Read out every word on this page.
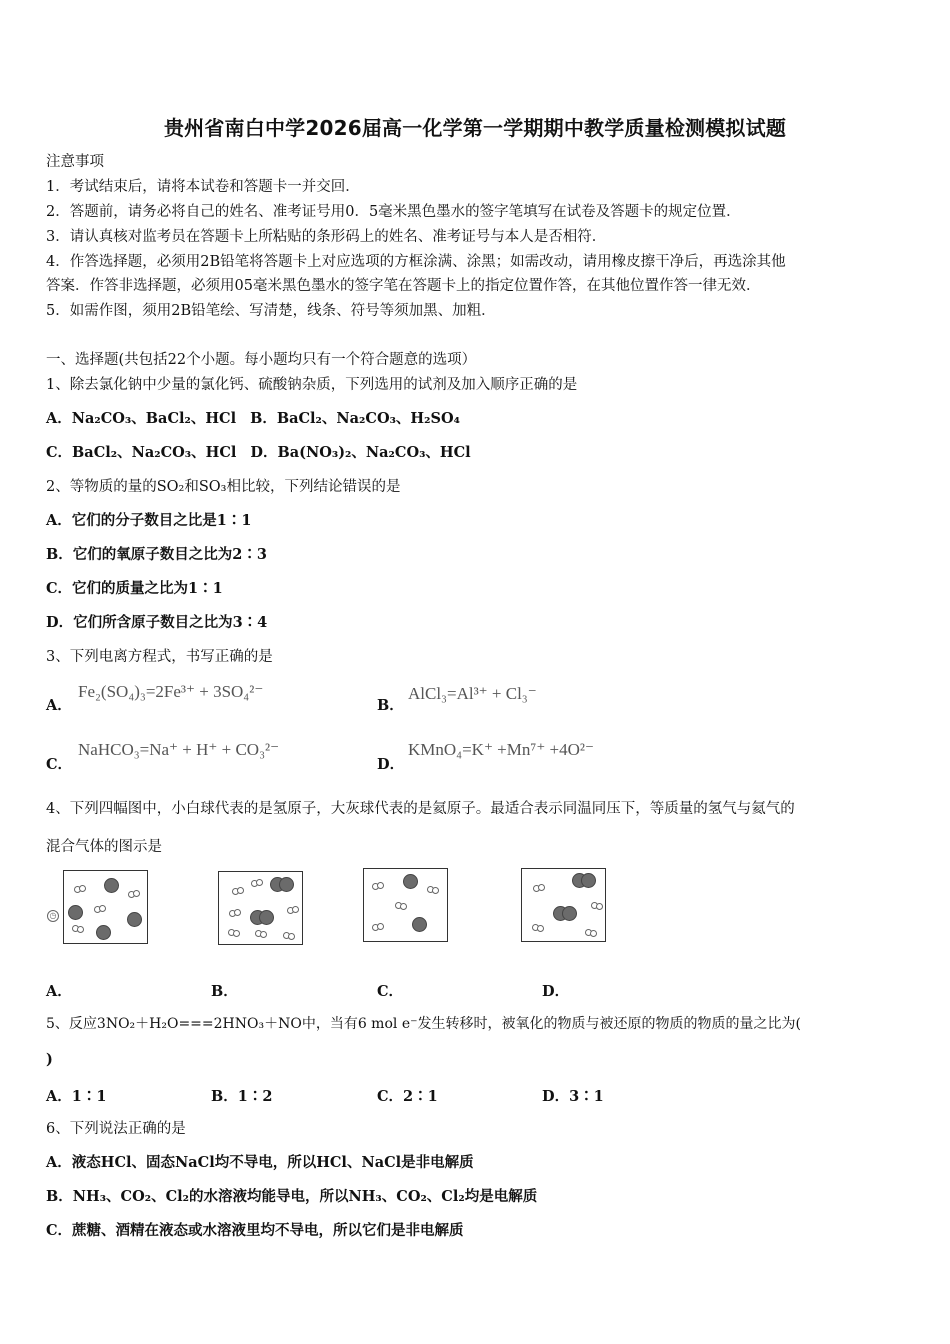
贵州省南白中学2026届高一化学第一学期期中教学质量检测模拟试题
注意事项
1．考试结束后，请将本试卷和答题卡一并交回．
2．答题前，请务必将自己的姓名、准考证号用0．5毫米黑色墨水的签字笔填写在试卷及答题卡的规定位置．
3．请认真核对监考员在答题卡上所粘贴的条形码上的姓名、准考证号与本人是否相符．
4．作答选择题，必须用2B铅笔将答题卡上对应选项的方框涂满、涂黑；如需改动，请用橡皮擦干净后，再选涂其他
答案．作答非选择题，必须用05毫米黑色墨水的签字笔在答题卡上的指定位置作答，在其他位置作答一律无效．
5．如需作图，须用2B铅笔绘、写清楚，线条、符号等须加黑、加粗．
一、选择题(共包括22个小题。每小题均只有一个符合题意的选项）
1、除去氯化钠中少量的氯化钙、硫酸钠杂质，下列选用的试剂及加入顺序正确的是
A．Na₂CO₃、BaCl₂、HCl B．BaCl₂、Na₂CO₃、H₂SO₄
C．BaCl₂、Na₂CO₃、HCl D．Ba(NO₃)₂、Na₂CO₃、HCl
2、等物质的量的SO₂和SO₃相比较，下列结论错误的是
A．它们的分子数目之比是1∶1
B．它们的氧原子数目之比为2∶3
C．它们的质量之比为1∶1
D．它们所含原子数目之比为3∶4
3、下列电离方程式，书写正确的是
A．
Fe₂(SO₄)₃=2Fe³⁺ + 3SO₄²⁻
B．
AlCl₃=Al³⁺ + Cl₃⁻
C．
NaHCO₃=Na⁺ + H⁺ + CO₃²⁻
D．
KMnO₄=K⁺ +Mn⁷⁺ +4O²⁻
4、下列四幅图中，小白球代表的是氢原子，大灰球代表的是氦原子。最适合表示同温同压下，等质量的氢气与氦气的
混合气体的图示是
◷
A．	B．	C．	D．
5、反应3NO₂＋H₂O===2HNO₃＋NO中，当有6 mol e⁻发生转移时，被氧化的物质与被还原的物质的物质的量之比为(
)
A．1∶1	B．1∶2	C．2∶1	D．3∶1
6、下列说法正确的是
A．液态HCl、固态NaCl均不导电，所以HCl、NaCl是非电解质
B．NH₃、CO₂、Cl₂的水溶液均能导电，所以NH₃、CO₂、Cl₂均是电解质
C．蔗糖、酒精在液态或水溶液里均不导电，所以它们是非电解质
